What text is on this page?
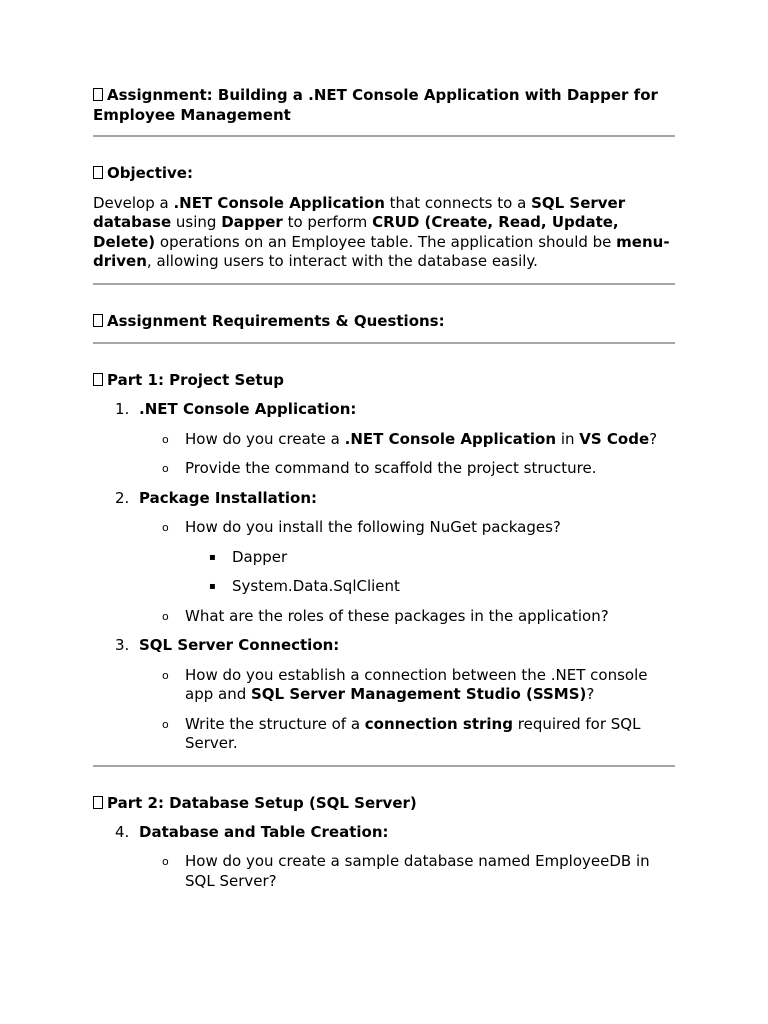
Assignment: Building a .NET Console Application with Dapper for Employee Management
Objective:

Develop a .NET Console Application that connects to a SQL Server database using Dapper to perform CRUD (Create, Read, Update, Delete) operations on an Employee table. The application should be menu-driven, allowing users to interact with the database easily.

Assignment Requirements & Questions:
Part 1: Project Setup
1. .NET Console Application:
o How do you create a .NET Console Application in VS Code?
o Provide the command to scaffold the project structure.
2. Package Installation:
o How do you install the following NuGet packages?
▪ Dapper
▪ System.Data.SqlClient
o What are the roles of these packages in the application?
3. SQL Server Connection:
o How do you establish a connection between the .NET console app and SQL Server Management Studio (SSMS)?
o Write the structure of a connection string required for SQL Server.
Part 2: Database Setup (SQL Server)
4. Database and Table Creation:
o How do you create a sample database named EmployeeDB in SQL Server?
